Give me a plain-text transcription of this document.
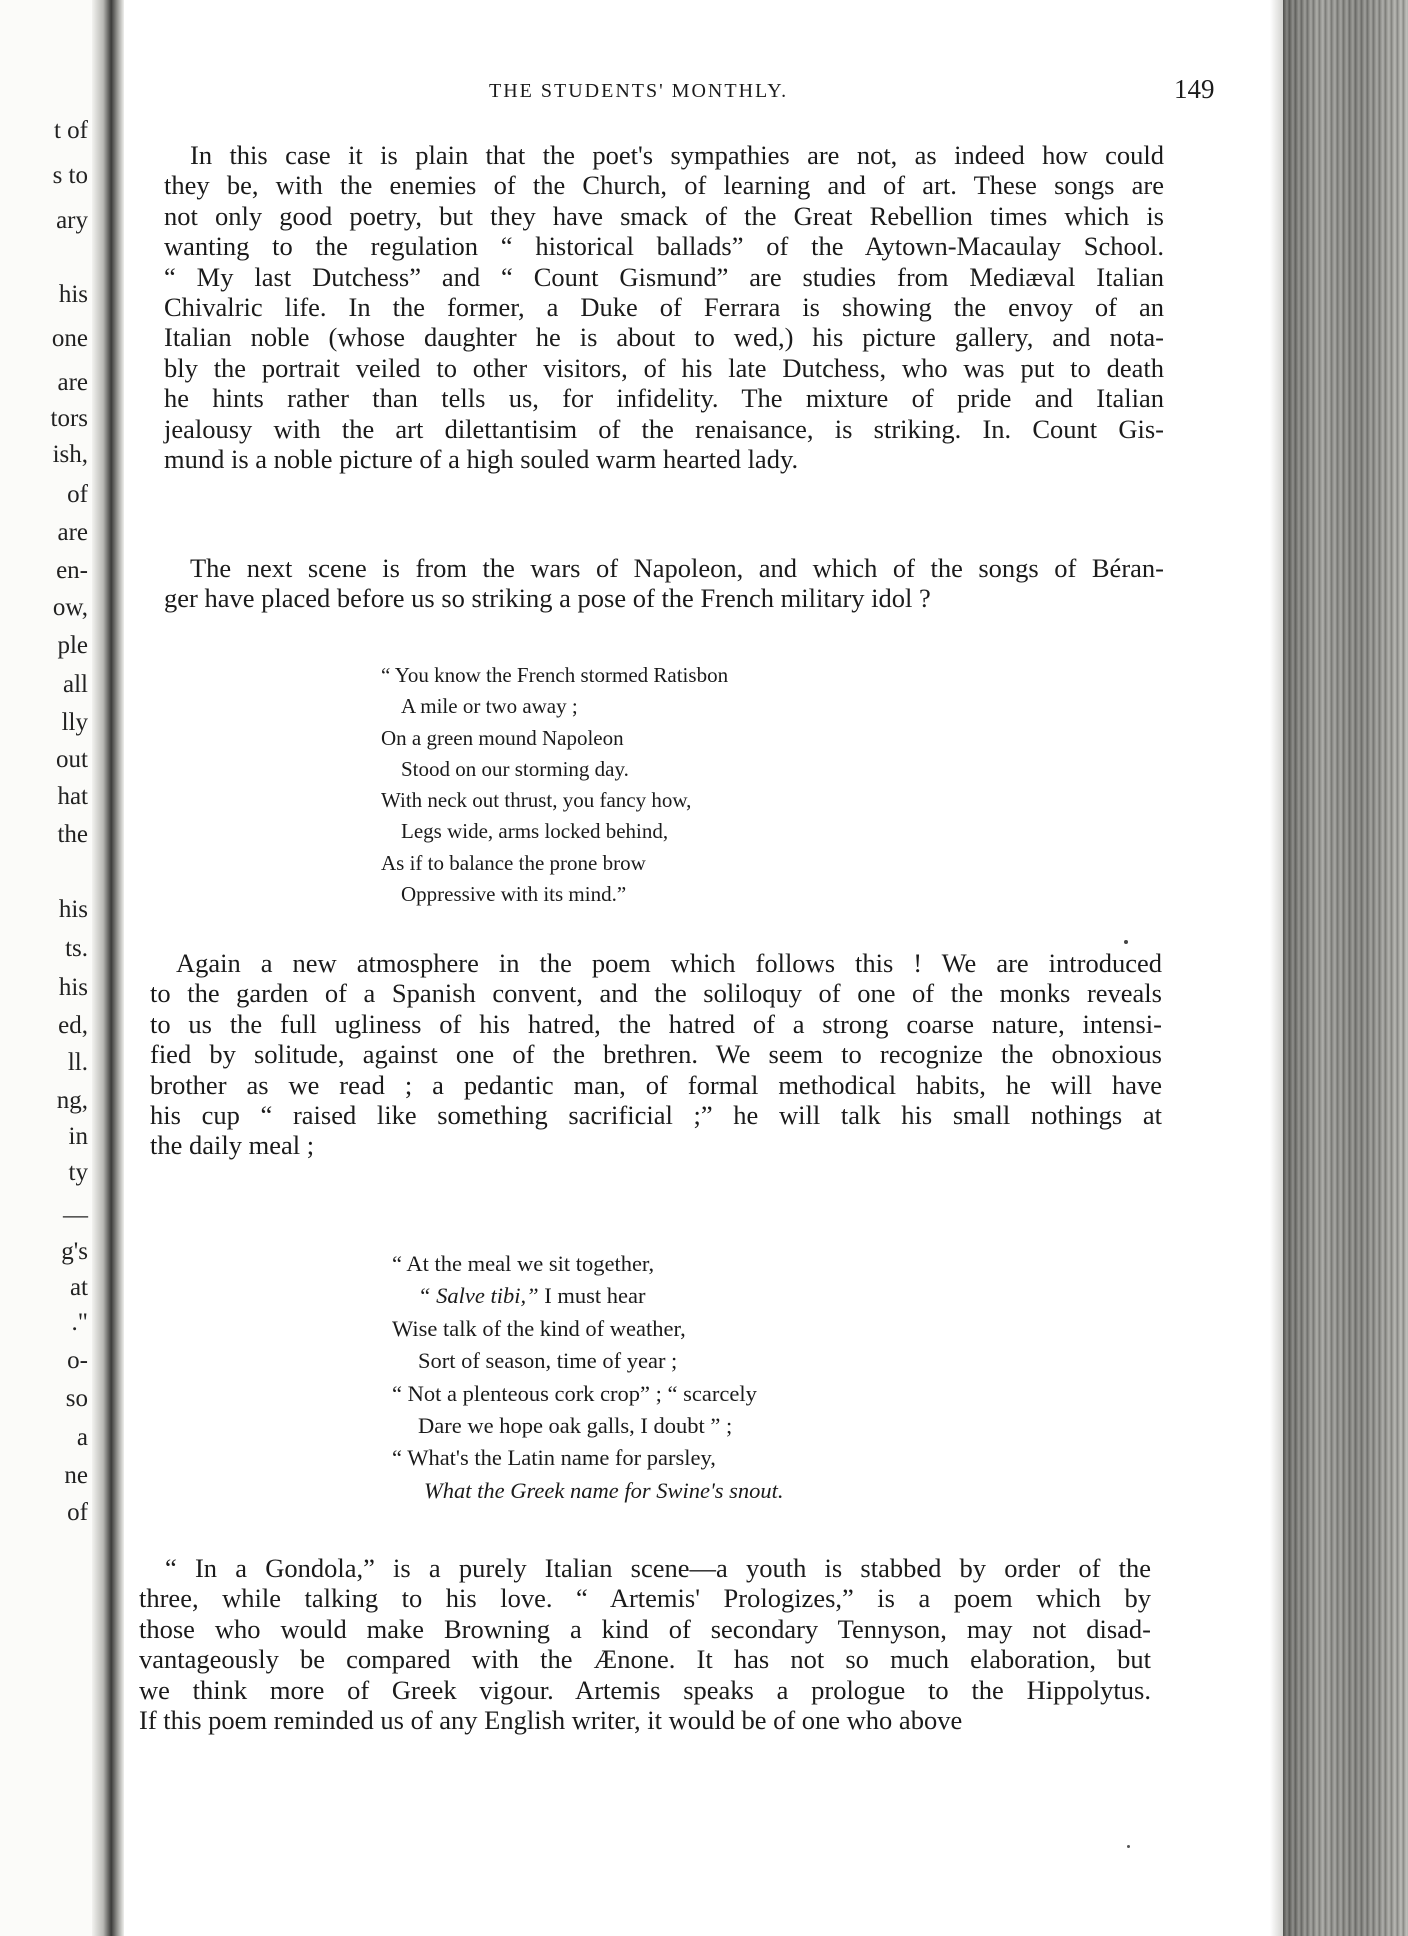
t of
s to
ary
his
one
are
tors
ish,
of
are
en-
ow,
ple
all
lly
out
hat
the
his
ts.
his
ed,
ll.
ng,
in
ty
—
g's
at
."
o-
so
a
ne
of
THE STUDENTS' MONTHLY.	149
In this case it is plain that the poet's sympathies are not, as indeed how could
they be, with the enemies of the Church, of learning and of art. These songs are
not only good poetry, but they have smack of the Great Rebellion times which is
wanting to the regulation “ historical ballads” of the Aytown-Macaulay School.
“ My last Dutchess” and “ Count Gismund” are studies from Mediæval Italian
Chivalric life. In the former, a Duke of Ferrara is showing the envoy of an
Italian noble (whose daughter he is about to wed,) his picture gallery, and nota-
bly the portrait veiled to other visitors, of his late Dutchess, who was put to death
he hints rather than tells us, for infidelity. The mixture of pride and Italian
jealousy with the art dilettantisim of the renaisance, is striking. In. Count Gis-
mund is a noble picture of a high souled warm hearted lady.
The next scene is from the wars of Napoleon, and which of the songs of Béran-
ger have placed before us so striking a pose of the French military idol ?
“ You know the French stormed Ratisbon
A mile or two away ;
On a green mound Napoleon
Stood on our storming day.
With neck out thrust, you fancy how,
Legs wide, arms locked behind,
As if to balance the prone brow
Oppressive with its mind.”
Again a new atmosphere in the poem which follows this ! We are introduced
to the garden of a Spanish convent, and the soliloquy of one of the monks reveals
to us the full ugliness of his hatred, the hatred of a strong coarse nature, intensi-
fied by solitude, against one of the brethren. We seem to recognize the obnoxious
brother as we read ; a pedantic man, of formal methodical habits, he will have
his cup “ raised like something sacrificial ;” he will talk his small nothings at
the daily meal ;
“ At the meal we sit together,
“ Salve tibi,” I must hear
Wise talk of the kind of weather,
Sort of season, time of year ;
“ Not a plenteous cork crop” ; “ scarcely
Dare we hope oak galls, I doubt ” ;
“ What's the Latin name for parsley,
What the Greek name for Swine's snout.
“ In a Gondola,” is a purely Italian scene—a youth is stabbed by order of the
three, while talking to his love. “ Artemis' Prologizes,” is a poem which by
those who would make Browning a kind of secondary Tennyson, may not disad-
vantageously be compared with the Ænone. It has not so much elaboration, but
we think more of Greek vigour. Artemis speaks a prologue to the Hippolytus.
If this poem reminded us of any English writer, it would be of one who above
